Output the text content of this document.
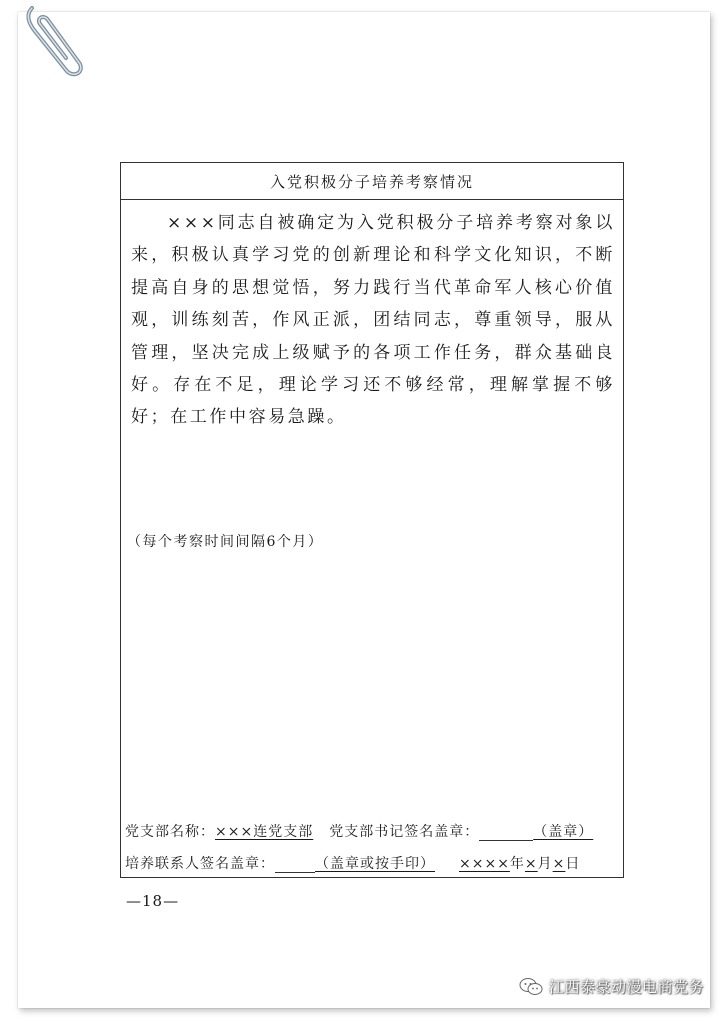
入党积极分子培养考察情况
×××同志自被确定为入党积极分子培养考察对象以来，积极认真学习党的创新理论和科学文化知识，不断提高自身的思想觉悟，努力践行当代革命军人核心价值观，训练刻苦，作风正派，团结同志，尊重领导，服从管理，坚决完成上级赋予的各项工作任务，群众基础良好。存在不足，理论学习还不够经常，理解掌握不够好；在工作中容易急躁。
（每个考察时间间隔6个月）
党支部名称： ×××连党支部 党支部书记签名盖章：
	（盖章）
培养联系人签名盖章：
	（盖章或按手印） ×××× 年 × 月 × 日
—18—
江西泰豪动漫电商党务
